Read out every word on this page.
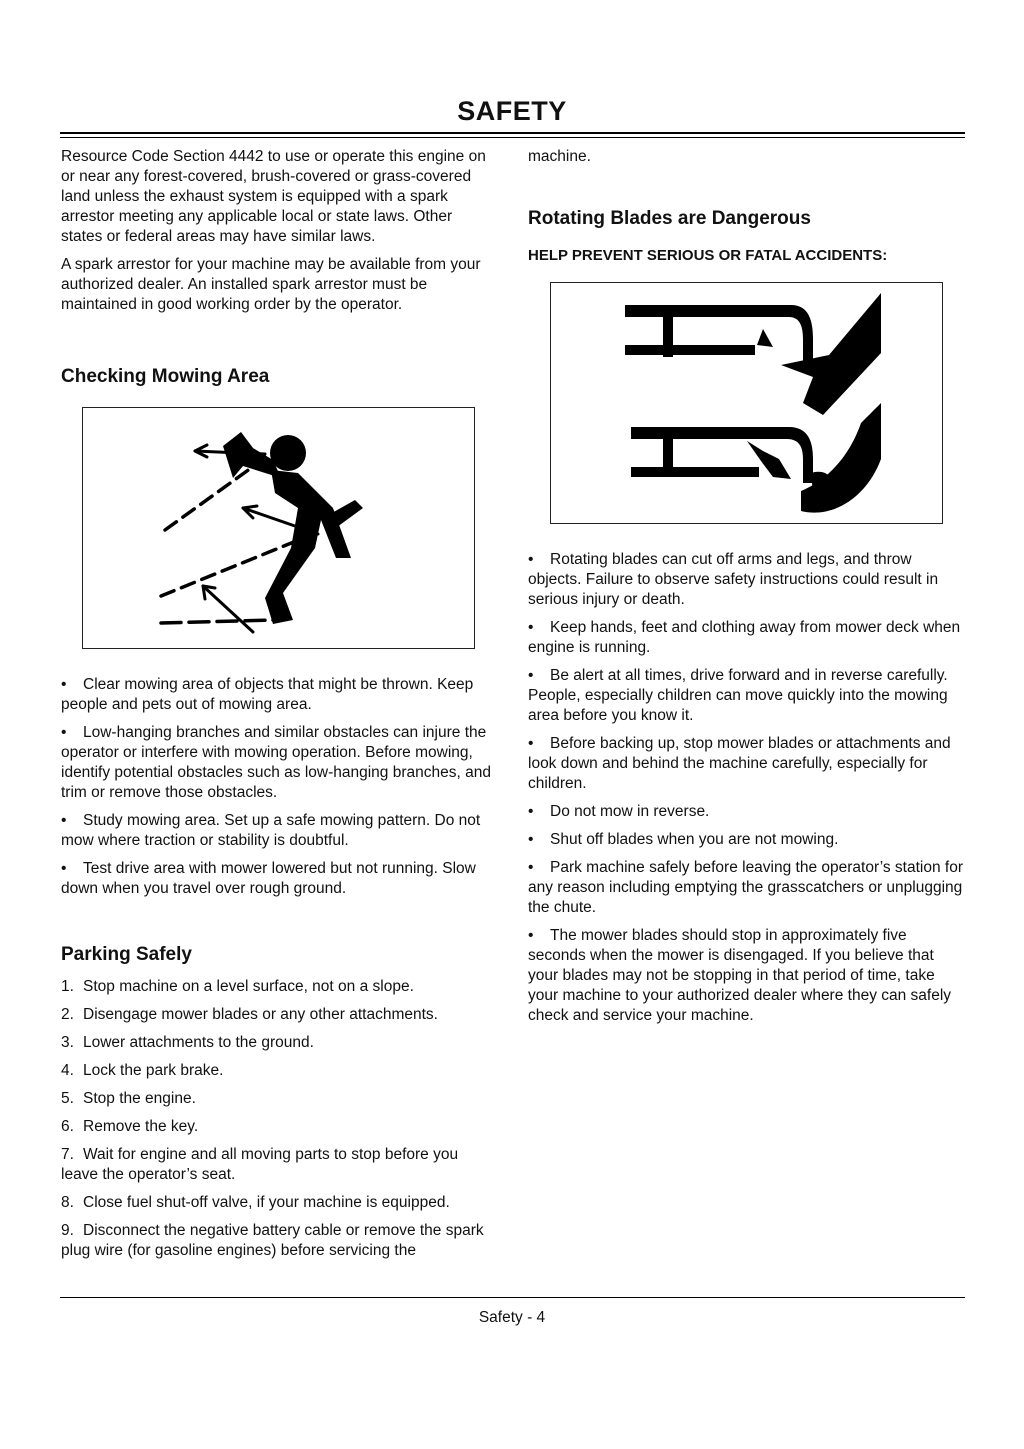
SAFETY

Resource Code Section 4442 to use or operate this engine on or near any forest-covered, brush-covered or grass-covered land unless the exhaust system is equipped with a spark arrestor meeting any applicable local or state laws. Other states or federal areas may have similar laws.

A spark arrestor for your machine may be available from your authorized dealer. An installed spark arrestor must be maintained in good working order by the operator.

Checking Mowing Area

• Clear mowing area of objects that might be thrown. Keep people and pets out of mowing area.

• Low-hanging branches and similar obstacles can injure the operator or interfere with mowing operation. Before mowing, identify potential obstacles such as low-hanging branches, and trim or remove those obstacles.

• Study mowing area. Set up a safe mowing pattern. Do not mow where traction or stability is doubtful.

• Test drive area with mower lowered but not running. Slow down when you travel over rough ground.

Parking Safely

1. Stop machine on a level surface, not on a slope.

2. Disengage mower blades or any other attachments.

3. Lower attachments to the ground.

4. Lock the park brake.

5. Stop the engine.

6. Remove the key.

7. Wait for engine and all moving parts to stop before you leave the operator’s seat.

8. Close fuel shut-off valve, if your machine is equipped.

9. Disconnect the negative battery cable or remove the spark plug wire (for gasoline engines) before servicing the

machine.

Rotating Blades are Dangerous
HELP PREVENT SERIOUS OR FATAL ACCIDENTS:

• Rotating blades can cut off arms and legs, and throw objects. Failure to observe safety instructions could result in serious injury or death.

• Keep hands, feet and clothing away from mower deck when engine is running.

• Be alert at all times, drive forward and in reverse carefully. People, especially children can move quickly into the mowing area before you know it.

• Before backing up, stop mower blades or attachments and look down and behind the machine carefully, especially for children.

• Do not mow in reverse.

• Shut off blades when you are not mowing.

• Park machine safely before leaving the operator’s station for any reason including emptying the grasscatchers or unplugging the chute.

• The mower blades should stop in approximately five seconds when the mower is disengaged. If you believe that your blades may not be stopping in that period of time, take your machine to your authorized dealer where they can safely check and service your machine.

Safety - 4
